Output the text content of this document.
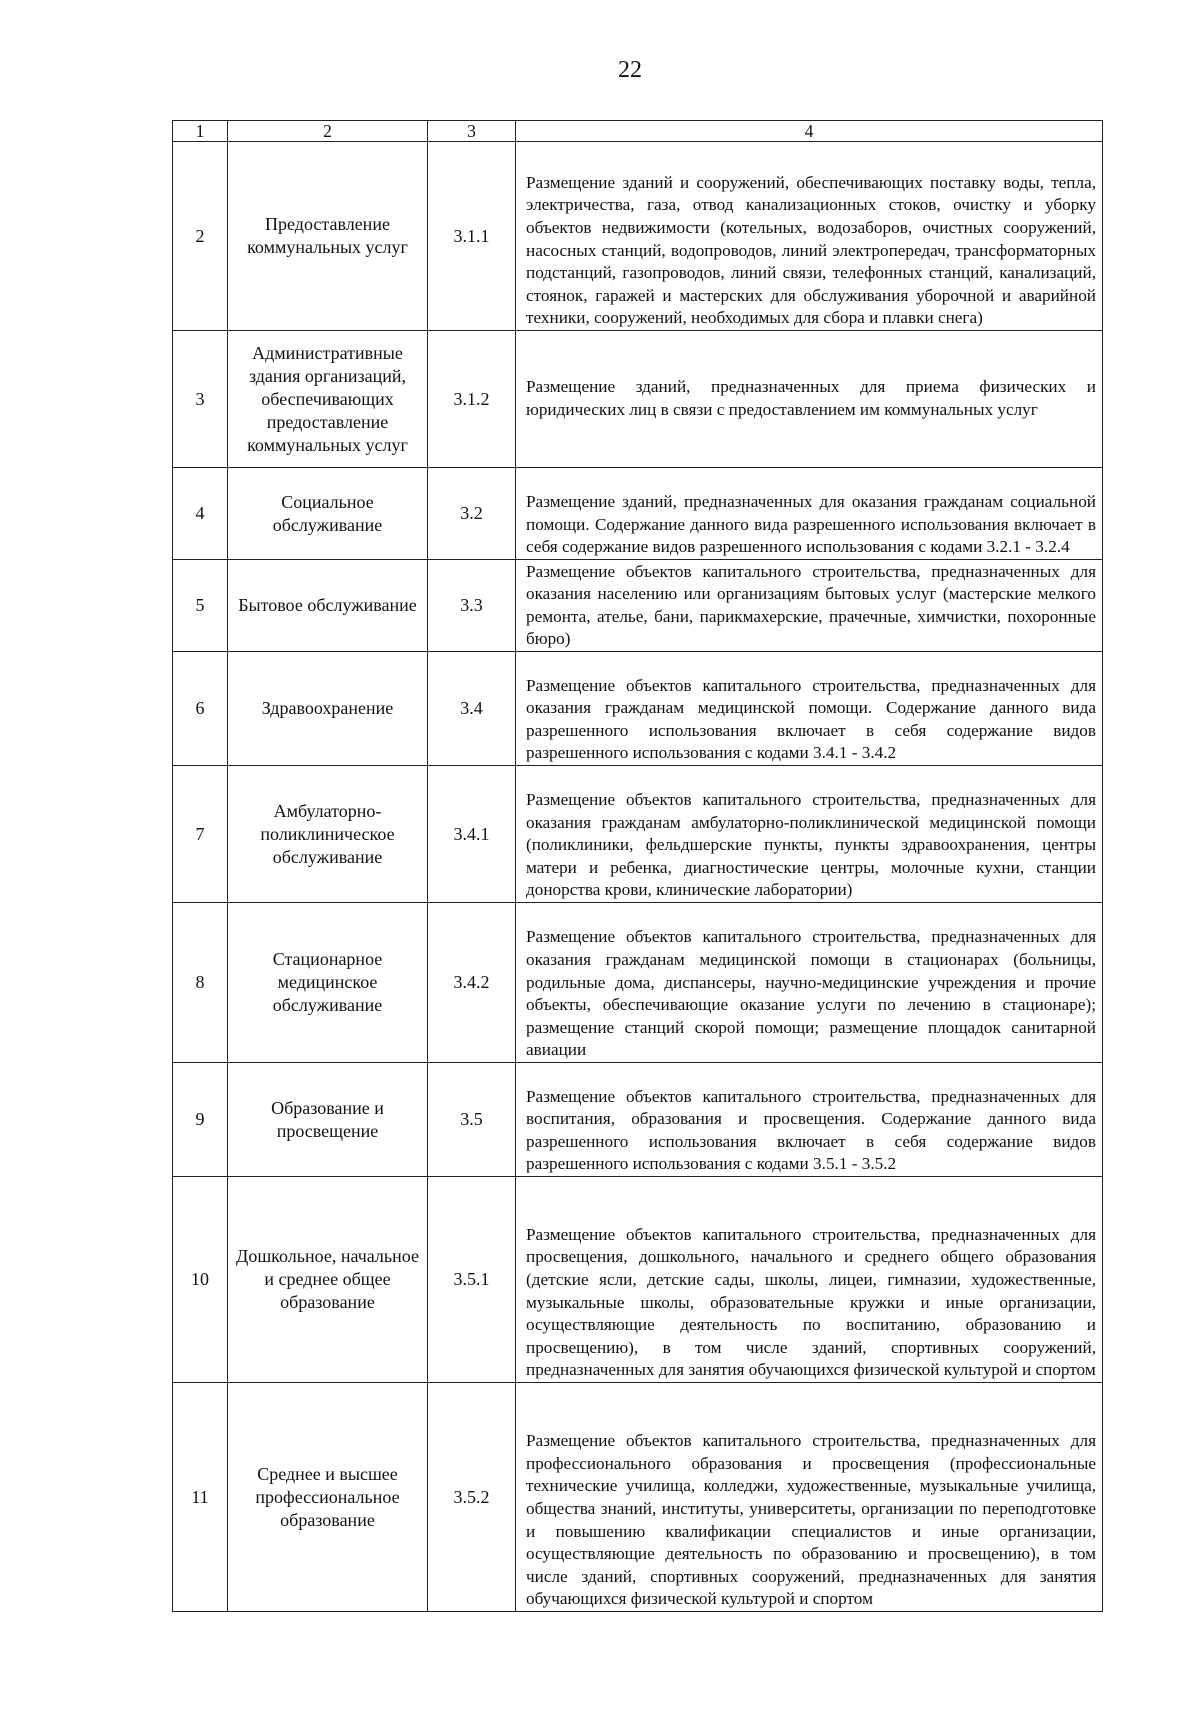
22
1	2	3	4
2	Предоставление коммунальных услуг	3.1.1	Размещение зданий и сооружений, обеспечивающих поставку воды, тепла, электричества, газа, отвод канализационных стоков, очистку и уборку объектов недвижимости (котельных, водозаборов, очистных сооружений, насосных станций, водопроводов, линий электропередач, трансформаторных подстанций, газопроводов, линий связи, телефонных станций, канализаций, стоянок, гаражей и мастерских для обслуживания уборочной и аварийной техники, сооружений, необходимых для сбора и плавки снега)
3	Административные здания организаций, обеспечивающих предоставление коммунальных услуг	3.1.2	Размещение зданий, предназначенных для приема физических и юридических лиц в связи с предоставлением им коммунальных услуг
4	Социальное обслуживание	3.2	Размещение зданий, предназначенных для оказания гражданам социальной помощи. Содержание данного вида разрешенного использования включает в себя содержание видов разрешенного использования с кодами 3.2.1 - 3.2.4
5	Бытовое обслуживание	3.3	Размещение объектов капитального строительства, предназначенных для оказания населению или организациям бытовых услуг (мастерские мелкого ремонта, ателье, бани, парикмахерские, прачечные, химчистки, похоронные бюро)
6	Здравоохранение	3.4	Размещение объектов капитального строительства, предназначенных для оказания гражданам медицинской помощи. Содержание данного вида разрешенного использования включает в себя содержание видов разрешенного использования с кодами 3.4.1 - 3.4.2
7	Амбулаторно-поликлиническое обслуживание	3.4.1	Размещение объектов капитального строительства, предназначенных для оказания гражданам амбулаторно-поликлинической медицинской помощи (поликлиники, фельдшерские пункты, пункты здравоохранения, центры матери и ребенка, диагностические центры, молочные кухни, станции донорства крови, клинические лаборатории)
8	Стационарное медицинское обслуживание	3.4.2	Размещение объектов капитального строительства, предназначенных для оказания гражданам медицинской помощи в стационарах (больницы, родильные дома, диспансеры, научно-медицинские учреждения и прочие объекты, обеспечивающие оказание услуги по лечению в стационаре); размещение станций скорой помощи; размещение площадок санитарной авиации
9	Образование и просвещение	3.5	Размещение объектов капитального строительства, предназначенных для воспитания, образования и просвещения. Содержание данного вида разрешенного использования включает в себя содержание видов разрешенного использования с кодами 3.5.1 - 3.5.2
10	Дошкольное, начальное и среднее общее образование	3.5.1	Размещение объектов капитального строительства, предназначенных для просвещения, дошкольного, начального и среднего общего образования (детские ясли, детские сады, школы, лицеи, гимназии, художественные, музыкальные школы, образовательные кружки и иные организации, осуществляющие деятельность по воспитанию, образованию и просвещению), в том числе зданий, спортивных сооружений, предназначенных для занятия обучающихся физической культурой и спортом
11	Среднее и высшее профессиональное образование	3.5.2	Размещение объектов капитального строительства, предназначенных для профессионального образования и просвещения (профессиональные технические училища, колледжи, художественные, музыкальные училища, общества знаний, институты, университеты, организации по переподготовке и повышению квалификации специалистов и иные организации, осуществляющие деятельность по образованию и просвещению), в том числе зданий, спортивных сооружений, предназначенных для занятия обучающихся физической культурой и спортом
